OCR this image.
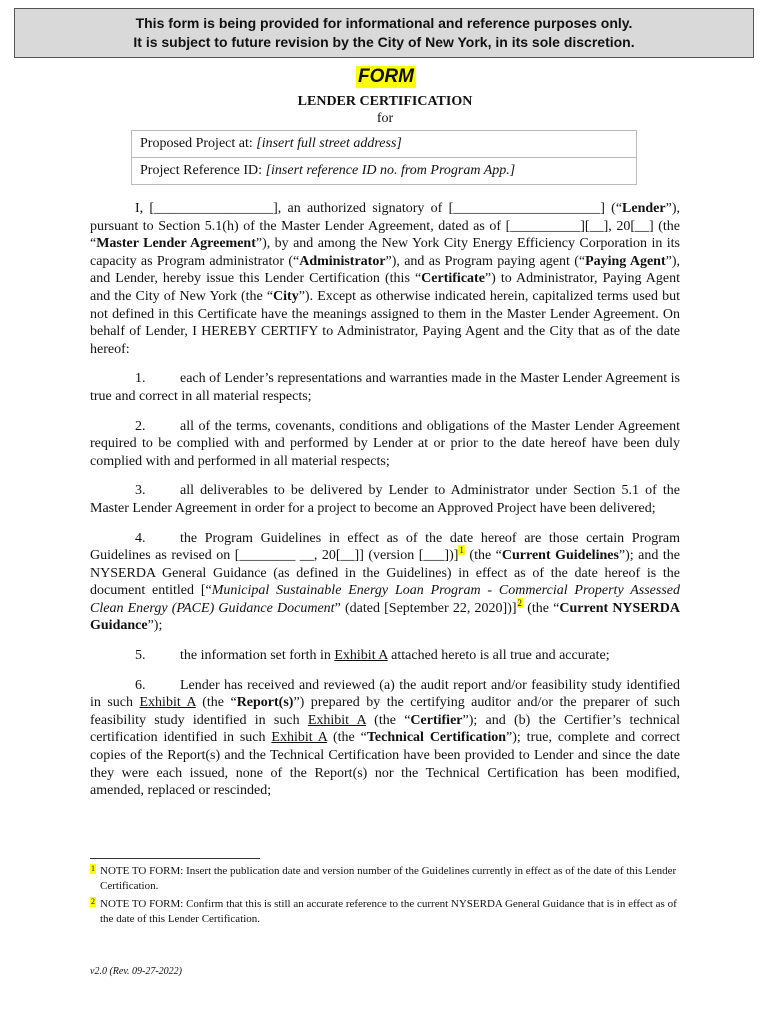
This form is being provided for informational and reference purposes only.
It is subject to future revision by the City of New York, in its sole discretion.
FORM
LENDER CERTIFICATION
for
Proposed Project at: [insert full street address]
Project Reference ID: [insert reference ID no. from Program App.]

I, [_________________], an authorized signatory of [_____________________] (“Lender”), pursuant to Section 5.1(h) of the Master Lender Agreement, dated as of [__________][__], 20[__] (the “Master Lender Agreement”), by and among the New York City Energy Efficiency Corporation in its capacity as Program administrator (“Administrator”), and as Program paying agent (“Paying Agent”), and Lender, hereby issue this Lender Certification (this “Certificate”) to Administrator, Paying Agent and the City of New York (the “City”). Except as otherwise indicated herein, capitalized terms used but not defined in this Certificate have the meanings assigned to them in the Master Lender Agreement. On behalf of Lender, I HEREBY CERTIFY to Administrator, Paying Agent and the City that as of the date hereof:

1. each of Lender’s representations and warranties made in the Master Lender Agreement is true and correct in all material respects;

2. all of the terms, covenants, conditions and obligations of the Master Lender Agreement required to be complied with and performed by Lender at or prior to the date hereof have been duly complied with and performed in all material respects;

3. all deliverables to be delivered by Lender to Administrator under Section 5.1 of the Master Lender Agreement in order for a project to become an Approved Project have been delivered;

4. the Program Guidelines in effect as of the date hereof are those certain Program Guidelines as revised on [________ __, 20[__]] (version [___])]$^1$ (the “Current Guidelines”); and the NYSERDA General Guidance (as defined in the Guidelines) in effect as of the date hereof is the document entitled [“Municipal Sustainable Energy Loan Program - Commercial Property Assessed Clean Energy (PACE) Guidance Document” (dated [September 22, 2020])]$^2$ (the “Current NYSERDA Guidance”);

5. the information set forth in Exhibit A attached hereto is all true and accurate;

6. Lender has received and reviewed (a) the audit report and/or feasibility study identified in such Exhibit A (the “Report(s)”) prepared by the certifying auditor and/or the preparer of such feasibility study identified in such Exhibit A (the “Certifier”); and (b) the Certifier’s technical certification identified in such Exhibit A (the “Technical Certification”); true, complete and correct copies of the Report(s) and the Technical Certification have been provided to Lender and since the date they were each issued, none of the Report(s) nor the Technical Certification has been modified, amended, replaced or rescinded;

1 NOTE TO FORM: Insert the publication date and version number of the Guidelines currently in effect as of the date of this Lender Certification.
2 NOTE TO FORM: Confirm that this is still an accurate reference to the current NYSERDA General Guidance that is in effect as of the date of this Lender Certification.
v2.0 (Rev. 09-27-2022)
